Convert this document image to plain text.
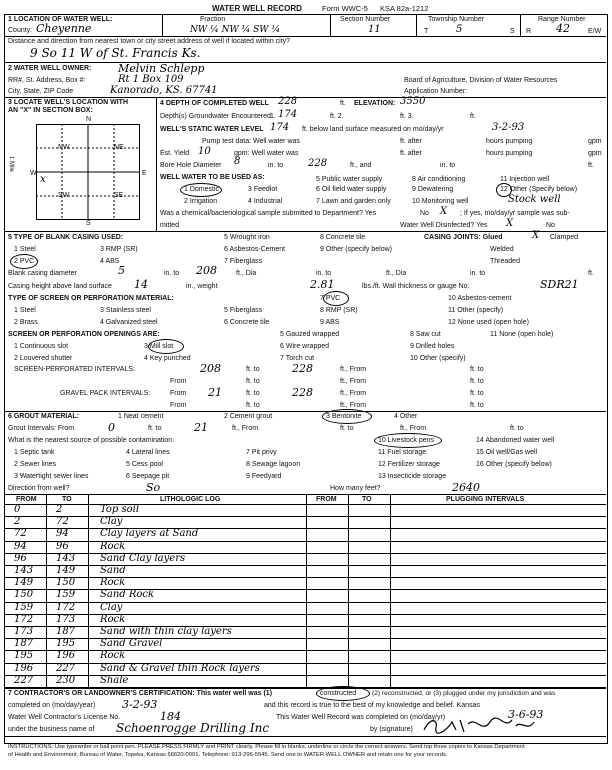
WATER WELL RECORD	Form WWC-5 KSA 82a-1212
1 LOCATION OF WATER WELL:
County: Cheyenne
Fraction
NW ¼ NW ¼ SW ¼
Section Number
11
Township Number
T	5	S
Range Number
R 42	E/W
Distance and direction from nearest town or city street address of well if located within city?
9 So 11 W of St. Francis Ks.
2 WATER WELL OWNER: Melvin Schlepp
RR#, St. Address, Box #:	Rt 1 Box 109
City, State, ZIP Code	Kanorado, KS. 67741
Board of Agriculture, Division of Water Resources
Application Number:
3 LOCATE WELL'S LOCATION WITH
AN "X" IN SECTION BOX:
N
S
W	E
1 Mile
NW	NE
SW	SE
x
4 DEPTH OF COMPLETED WELL 228	ft. ELEVATION: 3550
Depth(s) Groundwater Encountered 1. 174	ft. 2.	ft. 3.	ft.
WELL'S STATIC WATER LEVEL 174 ft. below land surface measured on mo/day/yr	3-2-93
Pump test data: Well water was	ft. after	hours pumping	gpm
Est. Yield 10	gpm: Well water was	ft. after	hours pumping	gpm
Bore Hole Diameter 8	in. to 228	ft., and	in. to	ft.
WELL WATER TO BE USED AS:
1 Domestic	3 Feedlot
5 Public water supply	8 Air conditioning	11 Injection well
2 Irrigation	4 Industrial	7 Lawn and garden only
6 Oil field water supply	9 Dewatering
10 Monitoring well
12 Other (Specify below)
Stock well
Was a chemical/bacteriological sample submitted to Department? Yes	No X ; If yes, mo/day/yr sample was sub-
mitted	Water Well Disinfected? Yes X	No
5 TYPE OF BLANK CASING USED:
1 Steel	3 RMP (SR)
5 Wrought iron	8 Concrete tile
2 PVC	4 ABS
6 Asbestos-Cement
7 Fiberglass
9 Other (specify below)
CASING JOINTS: Glued	X Clamped
Welded
Threaded
Blank casing diameter	5	in. to 208	ft., Dia	in. to	ft., Dia	in. to	ft.
Casing height above land surface 14	in., weight	2.81	lbs./ft. Wall thickness or gauge No.	SDR21
TYPE OF SCREEN OR PERFORATION MATERIAL:
1 Steel	3 Stainless steel	5 Fiberglass
7 PVC	10 Asbestos-cement
2 Brass	4 Galvanized steel	6 Concrete tile
8 RMP (SR)
9 ABS
11 Other (specify)
12 None used (open hole)
SCREEN OR PERFORATION OPENINGS ARE:
1 Continuous slot	3 Mill slot
5 Gauzed wrapped	8 Saw cut	11 None (open hole)
2 Louvered shutter	4 Key punched
6 Wire wrapped
7 Torch cut
9 Drilled holes
10 Other (specify)
SCREEN-PERFORATED INTERVALS:
From
208	ft. to	228	ft., From	ft. to
ft. to	ft., From	ft. to
GRAVEL PACK INTERVALS:	From 21	ft. to	228	ft., From	ft. to
From	ft. to	ft., From	ft. to
6 GROUT MATERIAL:	1 Neat cement	2 Cement grout	3 Bentonite	4 Other
Grout Intervals: From	0	ft. to	21	ft., From	ft. to	ft., From	ft. to
What is the nearest source of possible contamination:
1 Septic tank	4 Lateral lines	7 Pit privy
10 Livestock pens	14 Abandoned water well
2 Sewer lines	5 Cess pool	8 Sewage lagoon
11 Fuel storage	15 Oil well/Gas well
3 Watertight sewer lines	6 Seepage pit	9 Feedyard
12 Fertilizer storage	16 Other (specify below)
13 Insecticide storage
Direction from well?	So	How many feet?	2640
FROM	TO	LITHOLOGIC LOG	FROM	TO	PLUGGING INTERVALS
0	2	Top soil
2	72	Clay
72	94	Clay layers at Sand
94	96	Rock
96	143 Sand Clay layers
143 149 Sand
149 150 Rock
150 159 Sand Rock
159 172 Clay
172 173 Rock
173 187 Sand with thin clay layers
187 195 Sand Gravel
195 196 Rock
196 227 Sand & Gravel thin Rock layers
227 230 Shale
7 CONTRACTOR'S OR LANDOWNER'S CERTIFICATION: This water well was (1)	constructed (2) reconstructed, or (3) plugged under my jurisdiction and was
completed on (mo/day/year) 3-2-93	and this record is true to the best of my knowledge and belief. Kansas
Water Well Contractor's License No.	184	This Water Well Record was completed on (mo/day/yr)	3-6-93
under the business name of Schoenrogge Drilling Inc	by (signature)
INSTRUCTIONS: Use typewriter or ball point pen. PLEASE PRESS FIRMLY and PRINT clearly. Please fill in blanks, underline or circle the correct answers. Send top three copies to Kansas Department
of Health and Environment, Bureau of Water, Topeka, Kansas 66620-0001. Telephone: 913-296-5545. Send one to WATER WELL OWNER and retain one for your records.
